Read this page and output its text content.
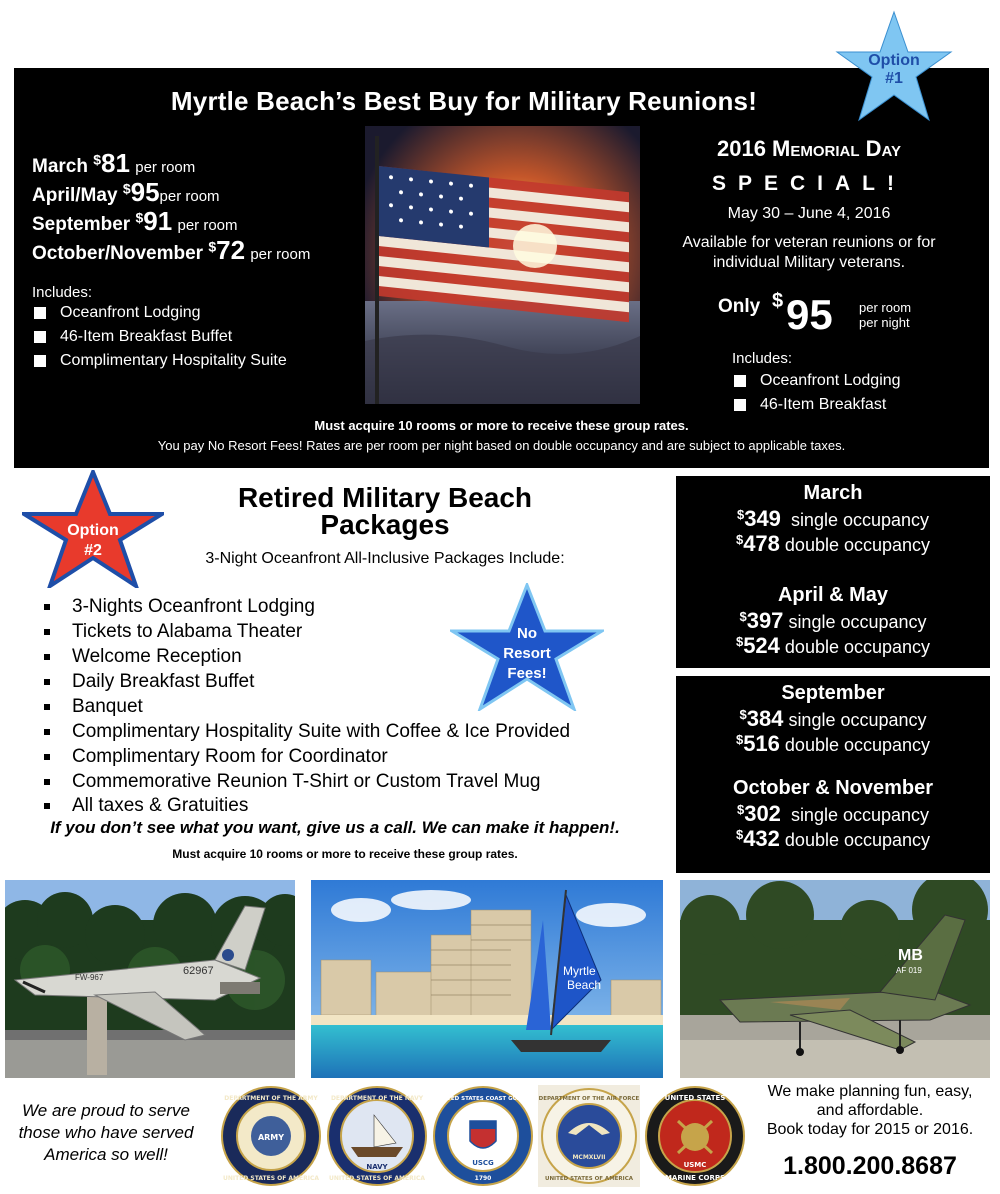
Myrtle Beach’s Best Buy for Military Reunions!
March $81 per room
April/May $95per room
September $91 per room
October/November $72 per room
Includes:
Oceanfront Lodging
46-Item Breakfast Buffet
Complimentary Hospitality Suite
2016 Memorial Day
SPECIAL!
May 30 – June 4, 2016
Available for veteran reunions or for
individual Military veterans.
Only $ 95 per room
per night
Includes:
Oceanfront Lodging
46-Item Breakfast
Must acquire 10 rooms or more to receive these group rates.
You pay No Resort Fees! Rates are per room per night based on double occupancy and are subject to applicable taxes.
Option
#1
Option
#2
Retired Military Beach
Packages
3-Night Oceanfront All-Inclusive Packages Include:
3-Nights Oceanfront Lodging
Tickets to Alabama Theater
Welcome Reception
Daily Breakfast Buffet
Banquet
Complimentary Hospitality Suite with Coffee & Ice Provided
Complimentary Room for Coordinator
Commemorative Reunion T-Shirt or Custom Travel Mug
All taxes & Gratuities
No
Resort
Fees!
If you don’t see what you want, give us a call. We can make it happen!.
Must acquire 10 rooms or more to receive these group rates.
March
$349 single occupancy
$478 double occupancy
April & May
$397 single occupancy
$524 double occupancy
September
$384 single occupancy
$516 double occupancy
October & November
$302 single occupancy
$432 double occupancy
62967
FW-967	Myrtle
Beach
MB
AF 019
We are proud to serve
those who have served
America so well!
DEPARTMENT OF THE ARMY
UNITED STATES OF AMERICA
ARMY
DEPARTMENT OF THE NAVY
UNITED STATES OF AMERICA
NAVY
UNITED STATES COAST GUARD
1790
USCG
DEPARTMENT OF THE AIR FORCE
UNITED STATES OF AMERICA
MCMXLVII
UNITED STATES
MARINE CORPS
USMC
We make planning fun, easy,
and affordable.
Book today for 2015 or 2016.
1.800.200.8687
